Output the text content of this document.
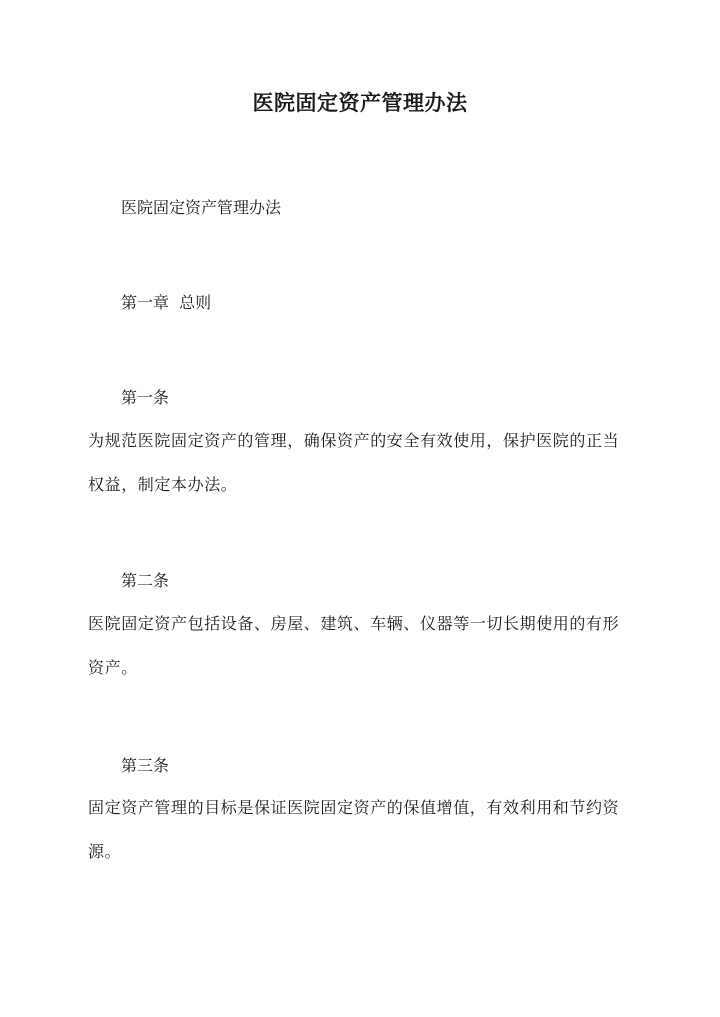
医院固定资产管理办法
医院固定资产管理办法
第一章  总则
第一条
为规范医院固定资产的管理，确保资产的安全有效使用，保护医院的正当
权益，制定本办法。
第二条
医院固定资产包括设备、房屋、建筑、车辆、仪器等一切长期使用的有形
资产。
第三条
固定资产管理的目标是保证医院固定资产的保值增值，有效利用和节约资
源。
